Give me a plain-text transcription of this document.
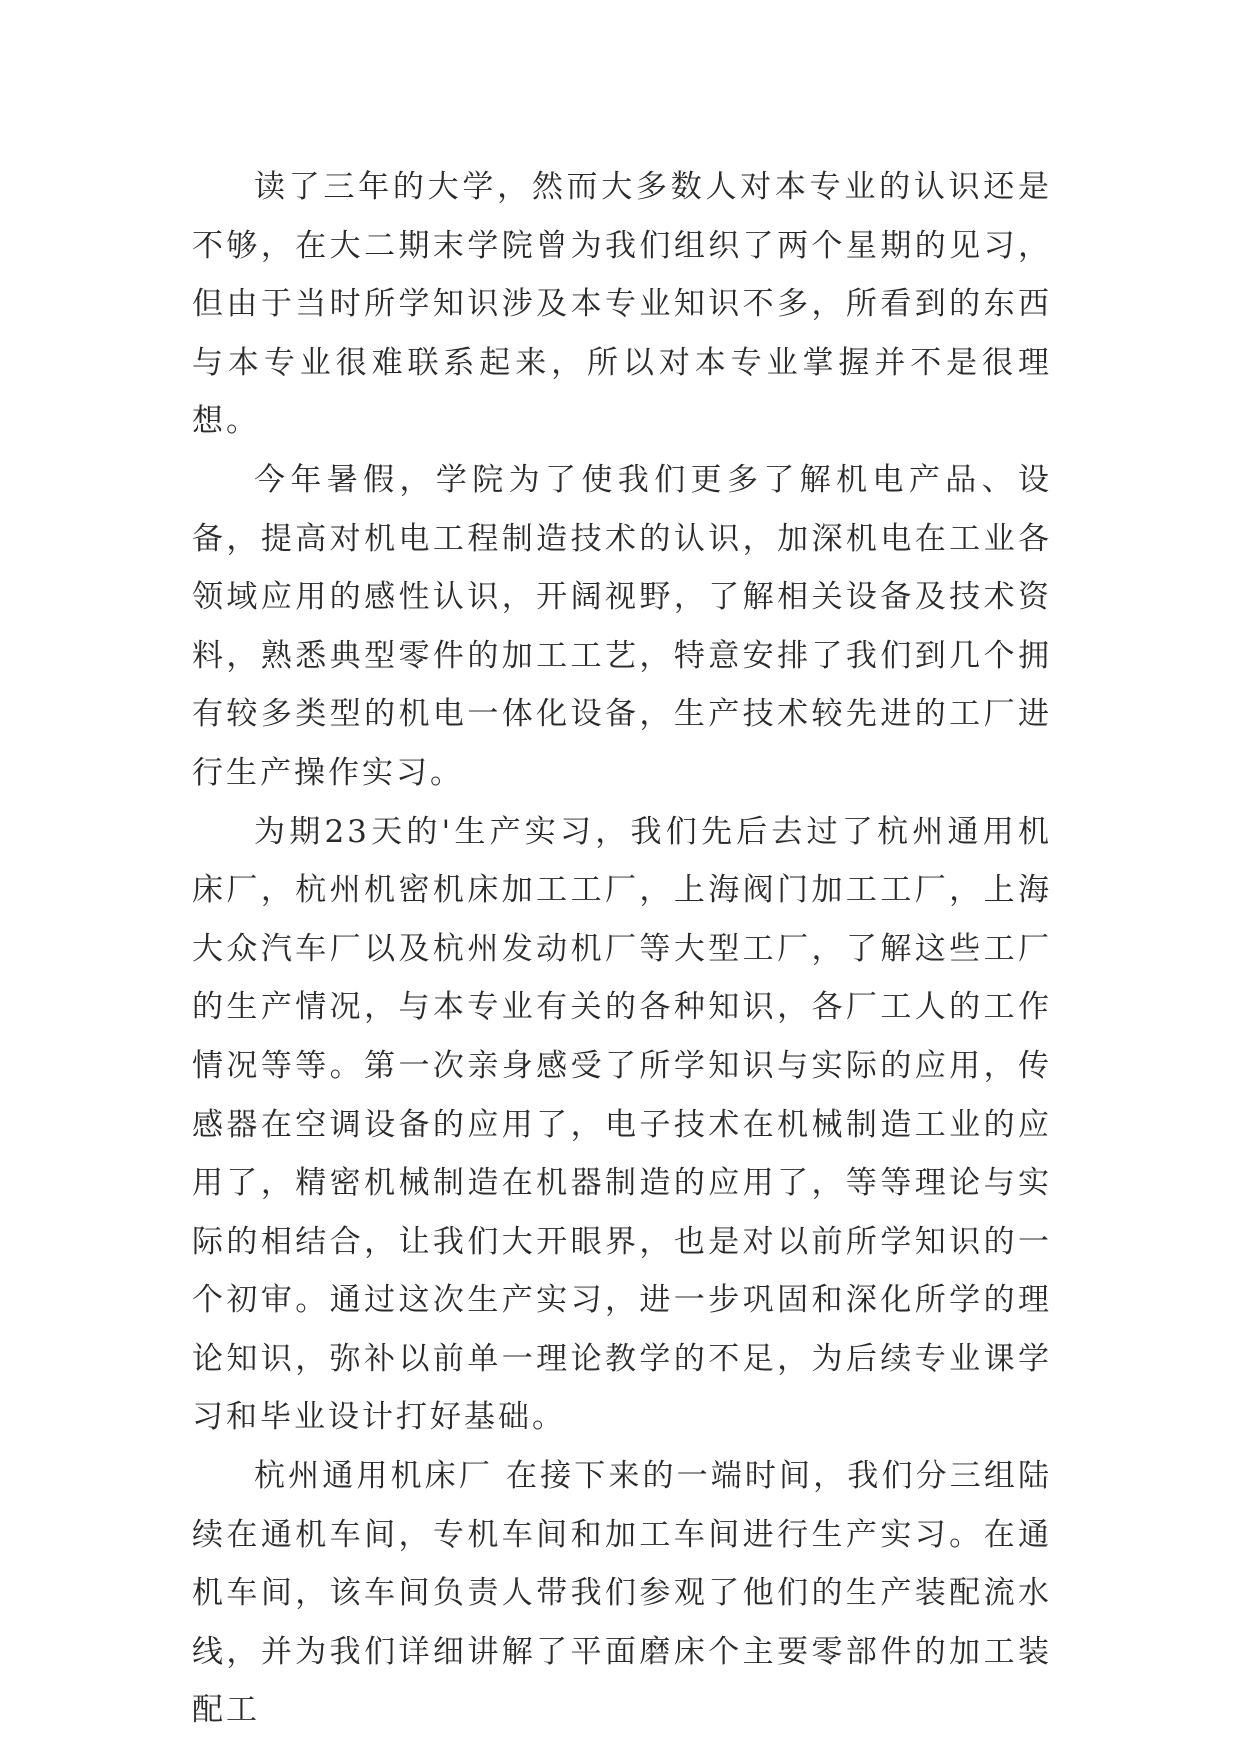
读了三年的大学，然而大多数人对本专业的认识还是不够，在大二期末学院曾为我们组织了两个星期的见习，但由于当时所学知识涉及本专业知识不多，所看到的东西与本专业很难联系起来，所以对本专业掌握并不是很理想。

今年暑假，学院为了使我们更多了解机电产品、设备，提高对机电工程制造技术的认识，加深机电在工业各领域应用的感性认识，开阔视野，了解相关设备及技术资料，熟悉典型零件的加工工艺，特意安排了我们到几个拥有较多类型的机电一体化设备，生产技术较先进的工厂进行生产操作实习。

为期23天的'生产实习，我们先后去过了杭州通用机床厂，杭州机密机床加工工厂，上海阀门加工工厂，上海大众汽车厂以及杭州发动机厂等大型工厂，了解这些工厂的生产情况，与本专业有关的各种知识，各厂工人的工作情况等等。第一次亲身感受了所学知识与实际的应用，传感器在空调设备的应用了，电子技术在机械制造工业的应用了，精密机械制造在机器制造的应用了，等等理论与实际的相结合，让我们大开眼界，也是对以前所学知识的一个初审。通过这次生产实习，进一步巩固和深化所学的理论知识，弥补以前单一理论教学的不足，为后续专业课学习和毕业设计打好基础。

杭州通用机床厂 在接下来的一端时间，我们分三组陆续在通机车间，专机车间和加工车间进行生产实习。在通机车间，该车间负责人带我们参观了他们的生产装配流水线，并为我们详细讲解了平面磨床个主要零部件的加工装配工
